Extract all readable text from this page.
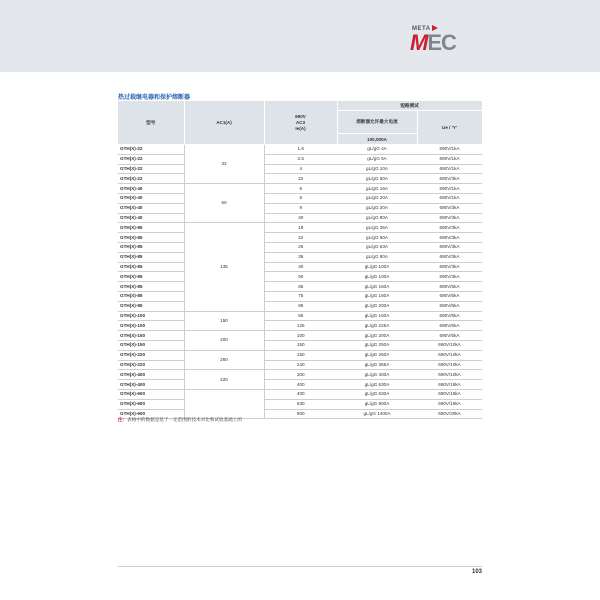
META
MEC
热过载继电器和保护熔断器
型号	AC1(A)	690V
AC3
Ie(A)	短路测试	
			熔断器允许最大电流	Ue / 'Y'
			100,000A	
GTH(X)-22	32	1.6	gL/gG 4A	690V/1kA
GTH(X)-22		2.5	gL/gG 6A	690V/1kA
GTH(X)-22		4	gL/gG 10A	690V/1kA
GTH(X)-22		22	gL/gG 50A	690V/3kA
GTH(X)-40	60	6	gL/gG 16A	690V/1kA
GTH(X)-40		8	gL/gG 20A	690V/1kA
GTH(X)-40		9	gL/gG 20A	690V/3kA
GTH(X)-40		40	gL/gG 80A	690V/3kA
GTH(X)-85	135	18	gL/gG 35A	690V/3kA
GTH(X)-85		22	gL/gG 50A	690V/3kA
GTH(X)-85		26	gL/gG 63A	690V/3kA
GTH(X)-85		36	gL/gG 80A	690V/3kA
GTH(X)-85		40	gL/gG 100A	690V/3kA
GTH(X)-85		50	gL/gG 100A	690V/3kA
GTH(X)-85		65	gL/gG 160A	690V/5kA
GTH(X)-85		75	gL/gG 160A	690V/5kA
GTH(X)-85		85	gL/gG 200A	690V/5kA
GTH(X)-100	150	65	gL/gG 150A	690V/5kA
GTH(X)-100		125	gL/gG 225A	690V/5kA
GTH(X)-150	200	100	gL/gG 200A	690V/5kA
GTH(X)-150		150	gL/gG 250A	690V/10kA
GTH(X)-220	260	150	gL/gG 250A	690V/10kA
GTH(X)-220		240	gL/gG 355A	690V/10kA
GTH(X)-400	420	300	gL/gG 400A	690V/10kA
GTH(X)-400		400	gL/gG 630A	690V/18kA
GTH(X)-600		400	gL/gG 630A	690V/18kA
GTH(X)-600		630	gL/gG 800A	690V/18kA
GTH(X)-600		800	gL/gG 1400A	690V/30kA
注: 表格中的数据是基于一定范围的技术对比和试验基础上的
103
